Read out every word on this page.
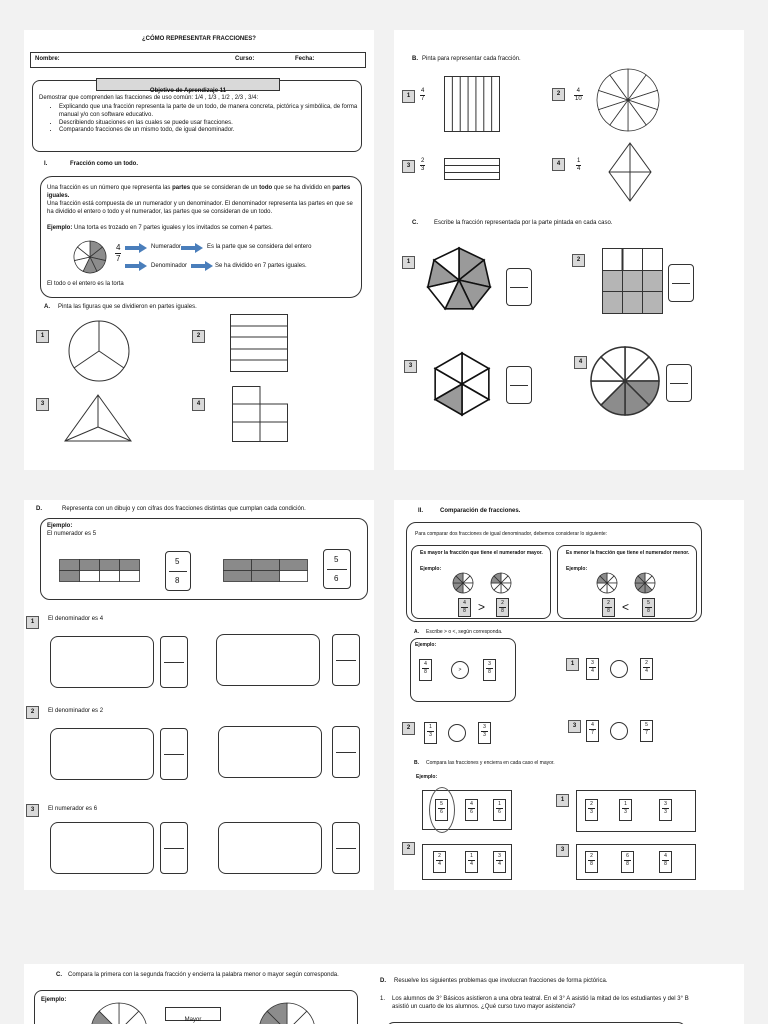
¿CÓMO REPRESENTAR FRACCIONES?
Nombre:	Curso:	Fecha:
Demostrar que comprenden las fracciones de uso común: 1/4 , 1/3 , 1/2 , 2/3 , 3/4:
• Explicando que una fracción representa la parte de un todo, de manera concreta, pictórica y simbólica, de forma manual y/o con software educativo.
• Describiendo situaciones en las cuales se puede usar fracciones.
• Comparando fracciones de un mismo todo, de igual denominador.
Objetivo de Aprendizaje 11
I.	Fracción como un todo.
Una fracción es un número que representa las partes que se consideran de un todo que se ha dividido en partes iguales.
Una fracción está compuesta de un numerador y un denominador. El denominador representa las partes en que se ha dividido el entero o todo y el numerador, las partes que se consideran de un todo.
Ejemplo: Una torta es trozado en 7 partes iguales y los invitados se comen 4 partes.
$\frac{4}{7}$	Numerador	Es la parte que se considera del entero
Denominador	Se ha dividido en 7 partes iguales.
El todo o el entero es la torta
A. Pinta las figuras que se dividieron en partes iguales.
1	2
3	4
B. Pinta para representar cada fracción.
1	$\frac{4}{7}$	2	$\frac{4}{10}$
3	$\frac{2}{3}$	4	$\frac{1}{4}$
C.	Escribe la fracción representada por la parte pintada en cada caso.
1	2
3
4
D.	Representa con un dibujo y con cifras dos fracciones distintas que cumplan cada condición.
Ejemplo:
El numerador es 5
5
8
5
6
1	El denominador es 4
2	El denominador es 2
3	El numerador es 6
II.	Comparación de fracciones.
Para comparar dos fracciones de igual denominador, debemos considerar lo siguiente:
Es mayor la fracción que tiene el numerador mayor.
Ejemplo:
4
8	>	2
8
Es menor la fracción que tiene el numerador menor.
Ejemplo:
2
8	<	5
8
A. Escribe > o <, según corresponda.
Ejemplo:
4
8	>
3
8
1	3
4
2
4
2	1
3
3
3
3	4
7
5
7
B. Compara las fracciones y encierra en cada caso el mayor.
Ejemplo:
5
6
4
6
1
6
1
2
3
1
3
3
3
2
2
4
1
4
3
4
3
2
8
6
8
4
8
C. Compara la primera con la segunda fracción y encierra la palabra menor o mayor según corresponda.
Ejemplo:
Mayor
D. Resuelve los siguientes problemas que involucran fracciones de forma pictórica.
1. Los alumnos de 3° Básicos asistieron a una obra teatral. En el 3° A asistió la mitad de los estudiantes y del 3° B asistió un cuarto de los alumnos. ¿Qué curso tuvo mayor asistencia?
